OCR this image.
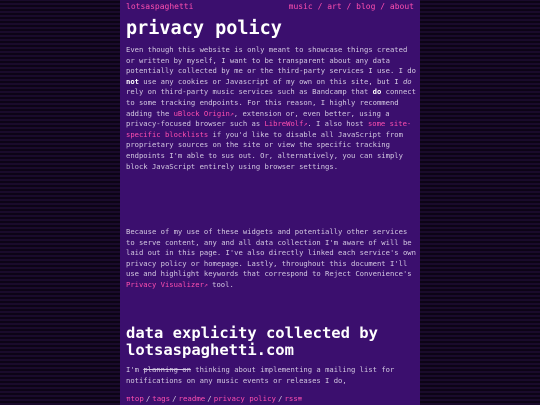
lotsaspaghetti	music / art / blog / about
privacy policy

Even though this website is only meant to showcase things created or written by myself, I want to be transparent about any data potentially collected by me or the third-party services I use. I do not use any cookies or Javascript of my own on this site, but I do rely on third-party music services such as Bandcamp that do connect to some tracking endpoints. For this reason, I highly recommend adding the uBlock Origin↗, extension or, even better, using a privacy-focused browser such as LibreWolf↗. I also host some site-specific blocklists if you'd like to disable all JavaScript from proprietary sources on the site or view the specific tracking endpoints I'm able to sus out. Or, alternatively, you can simply block JavaScript entirely using browser settings.

Because of my use of these widgets and potentially other services to serve content, any and all data collection I'm aware of will be laid out in this page. I've also directly linked each service's own privacy policy or homepage. Lastly, throughout this document I'll use and highlight keywords that correspond to Reject Convenience's Privacy Visualizer↗ tool.

data explicity collected by lotsaspaghetti.com

I'm planning on thinking about implementing a mailing list for notifications on any music events or releases I do,

⇈top / tags / readme / privacy policy / rss≡
